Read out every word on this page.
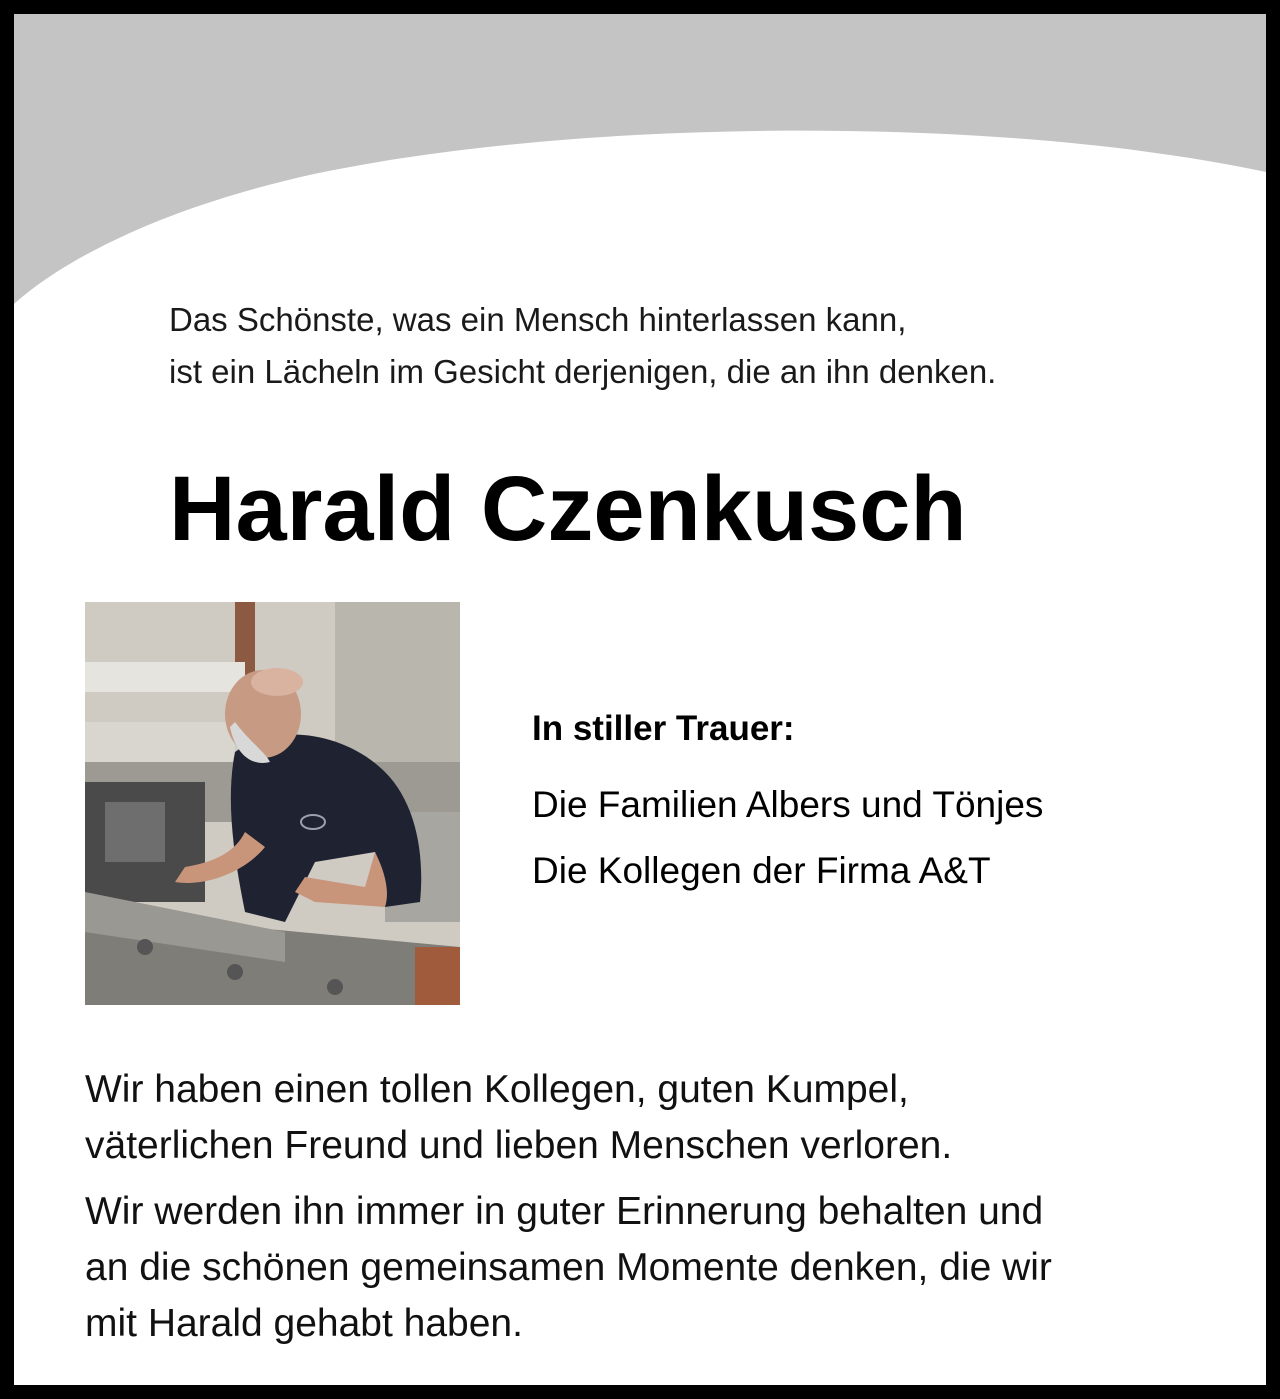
Das Schönste, was ein Mensch hinterlassen kann,
ist ein Lächeln im Gesicht derjenigen, die an ihn denken.
Harald Czenkusch
In stiller Trauer:
Die Familien Albers und Tönjes
Die Kollegen der Firma A&T

Wir haben einen tollen Kollegen, guten Kumpel,
väterlichen Freund und lieben Menschen verloren.

Wir werden ihn immer in guter Erinnerung behalten und
an die schönen gemeinsamen Momente denken, die wir
mit Harald gehabt haben.
